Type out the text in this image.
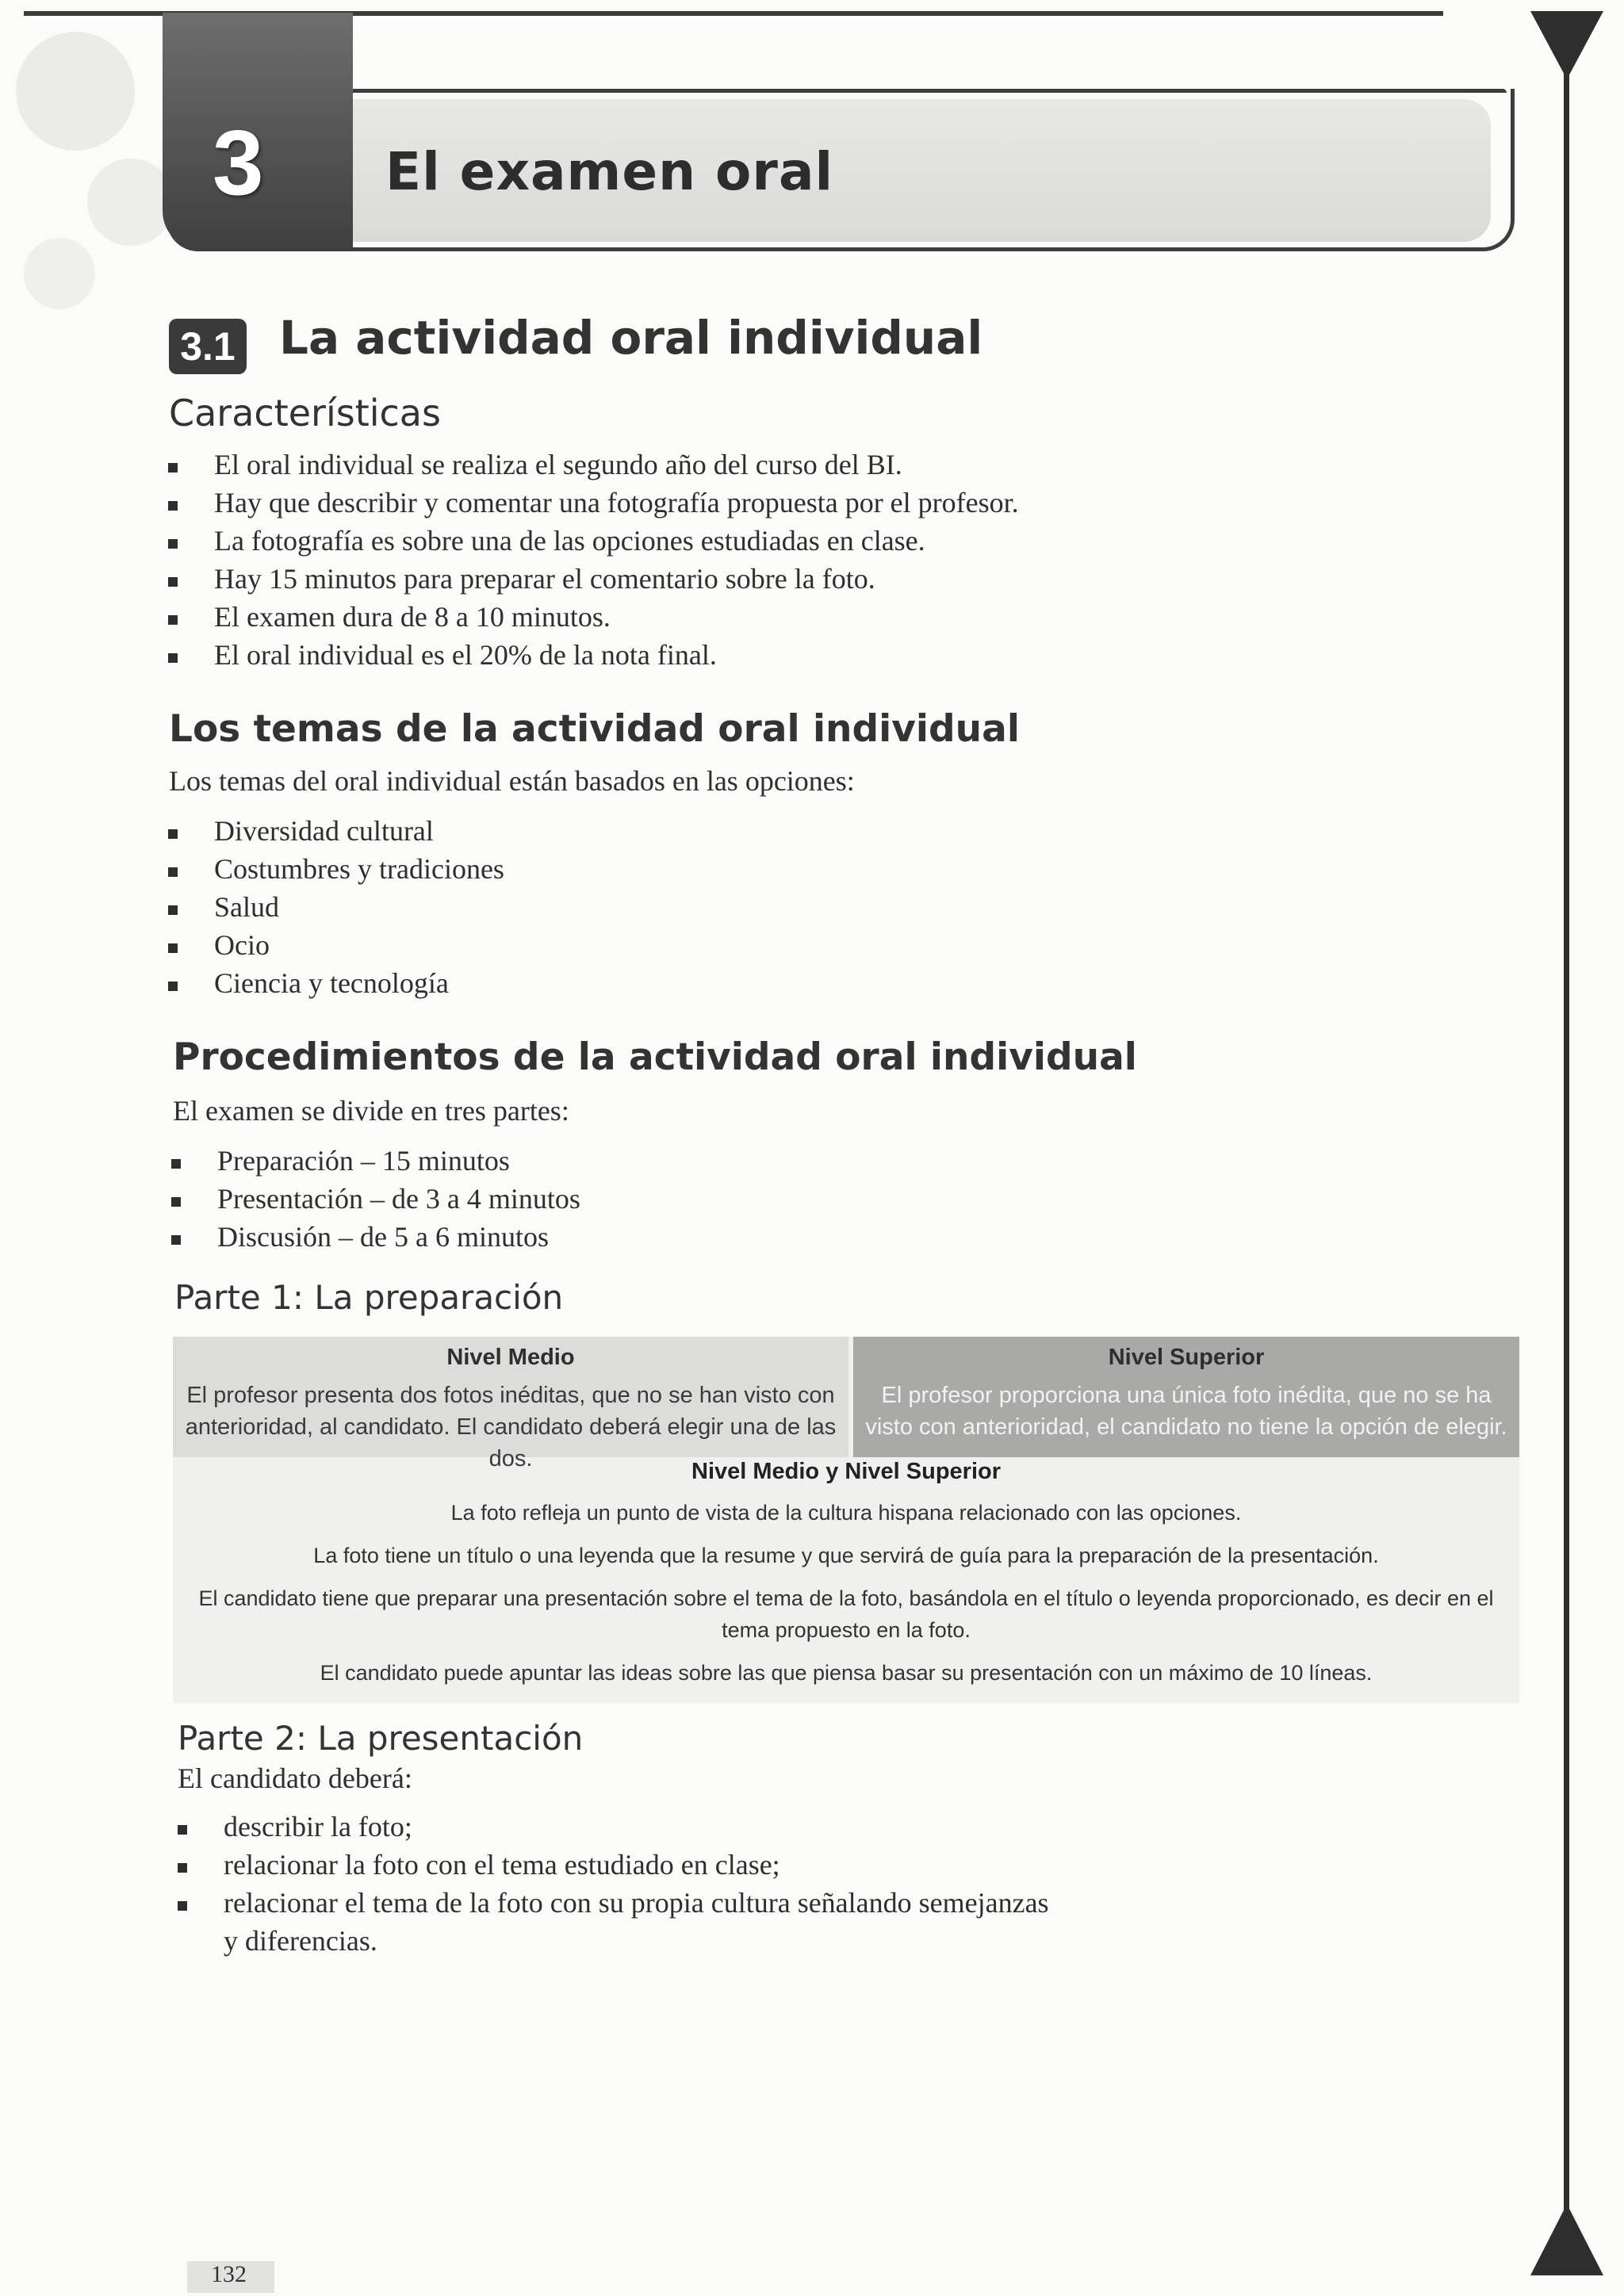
3 El examen oral
3.1 La actividad oral individual
Características
El oral individual se realiza el segundo año del curso del BI.
Hay que describir y comentar una fotografía propuesta por el profesor.
La fotografía es sobre una de las opciones estudiadas en clase.
Hay 15 minutos para preparar el comentario sobre la foto.
El examen dura de 8 a 10 minutos.
El oral individual es el 20% de la nota final.
Los temas de la actividad oral individual
Los temas del oral individual están basados en las opciones:
Diversidad cultural
Costumbres y tradiciones
Salud
Ocio
Ciencia y tecnología
Procedimientos de la actividad oral individual
El examen se divide en tres partes:
Preparación – 15 minutos
Presentación – de 3 a 4 minutos
Discusión – de 5 a 6 minutos
Parte 1: La preparación
Nivel Medio
El profesor presenta dos fotos inéditas, que no se han visto con anterioridad, al candidato. El candidato deberá elegir una de las dos.
Nivel Superior
El profesor proporciona una única foto inédita, que no se ha visto con anterioridad, el candidato no tiene la opción de elegir.
Nivel Medio y Nivel Superior
La foto refleja un punto de vista de la cultura hispana relacionado con las opciones.
La foto tiene un título o una leyenda que la resume y que servirá de guía para la preparación de la presentación.
El candidato tiene que preparar una presentación sobre el tema de la foto, basándola en el título o leyenda proporcionado, es decir en el tema propuesto en la foto.
El candidato puede apuntar las ideas sobre las que piensa basar su presentación con un máximo de 10 líneas.
Parte 2: La presentación
El candidato deberá:
describir la foto;
relacionar la foto con el tema estudiado en clase;
relacionar el tema de la foto con su propia cultura señalando semejanzas
y diferencias.
132
